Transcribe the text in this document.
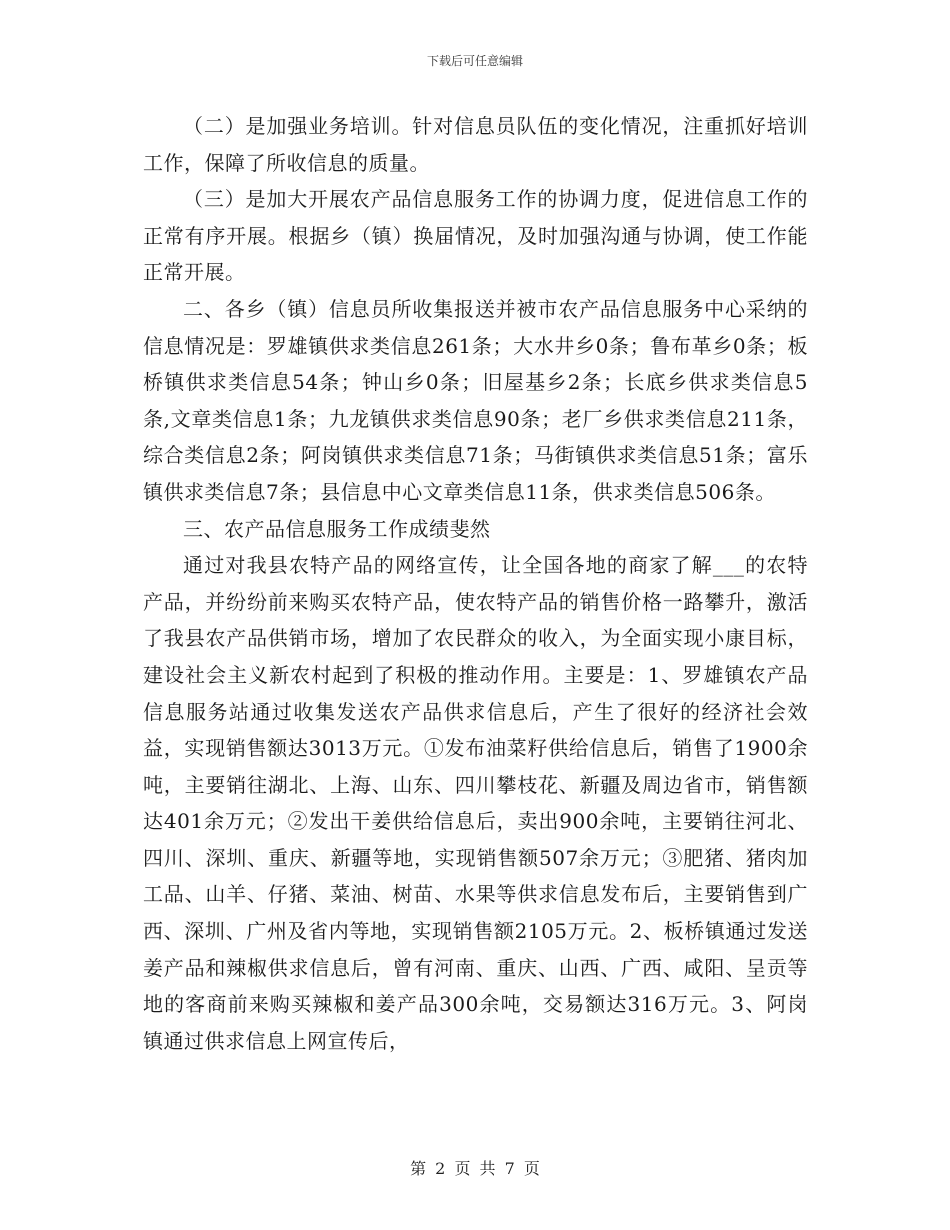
下载后可任意编辑

（二）是加强业务培训。针对信息员队伍的变化情况，注重抓好培训工作，保障了所收信息的质量。

（三）是加大开展农产品信息服务工作的协调力度，促进信息工作的正常有序开展。根据乡（镇）换届情况，及时加强沟通与协调，使工作能正常开展。

二、各乡（镇）信息员所收集报送并被市农产品信息服务中心采纳的信息情况是：罗雄镇供求类信息261条；大水井乡0条；鲁布革乡0条；板桥镇供求类信息54条；钟山乡0条；旧屋基乡2条；长底乡供求类信息5条,文章类信息1条；九龙镇供求类信息90条；老厂乡供求类信息211条，综合类信息2条；阿岗镇供求类信息71条；马街镇供求类信息51条；富乐镇供求类信息7条；县信息中心文章类信息11条，供求类信息506条。

三、农产品信息服务工作成绩斐然

通过对我县农特产品的网络宣传，让全国各地的商家了解___的农特产品，并纷纷前来购买农特产品，使农特产品的销售价格一路攀升，激活了我县农产品供销市场，增加了农民群众的收入，为全面实现小康目标，建设社会主义新农村起到了积极的推动作用。主要是：1、罗雄镇农产品信息服务站通过收集发送农产品供求信息后，产生了很好的经济社会效益，实现销售额达3013万元。①发布油菜籽供给信息后，销售了1900余吨，主要销往湖北、上海、山东、四川攀枝花、新疆及周边省市，销售额达401余万元；②发出干姜供给信息后，卖出900余吨，主要销往河北、四川、深圳、重庆、新疆等地，实现销售额507余万元；③肥猪、猪肉加工品、山羊、仔猪、菜油、树苗、水果等供求信息发布后，主要销售到广西、深圳、广州及省内等地，实现销售额2105万元。2、板桥镇通过发送姜产品和辣椒供求信息后，曾有河南、重庆、山西、广西、咸阳、呈贡等地的客商前来购买辣椒和姜产品300余吨，交易额达316万元。3、阿岗镇通过供求信息上网宣传后，

第 2 页 共 7 页
